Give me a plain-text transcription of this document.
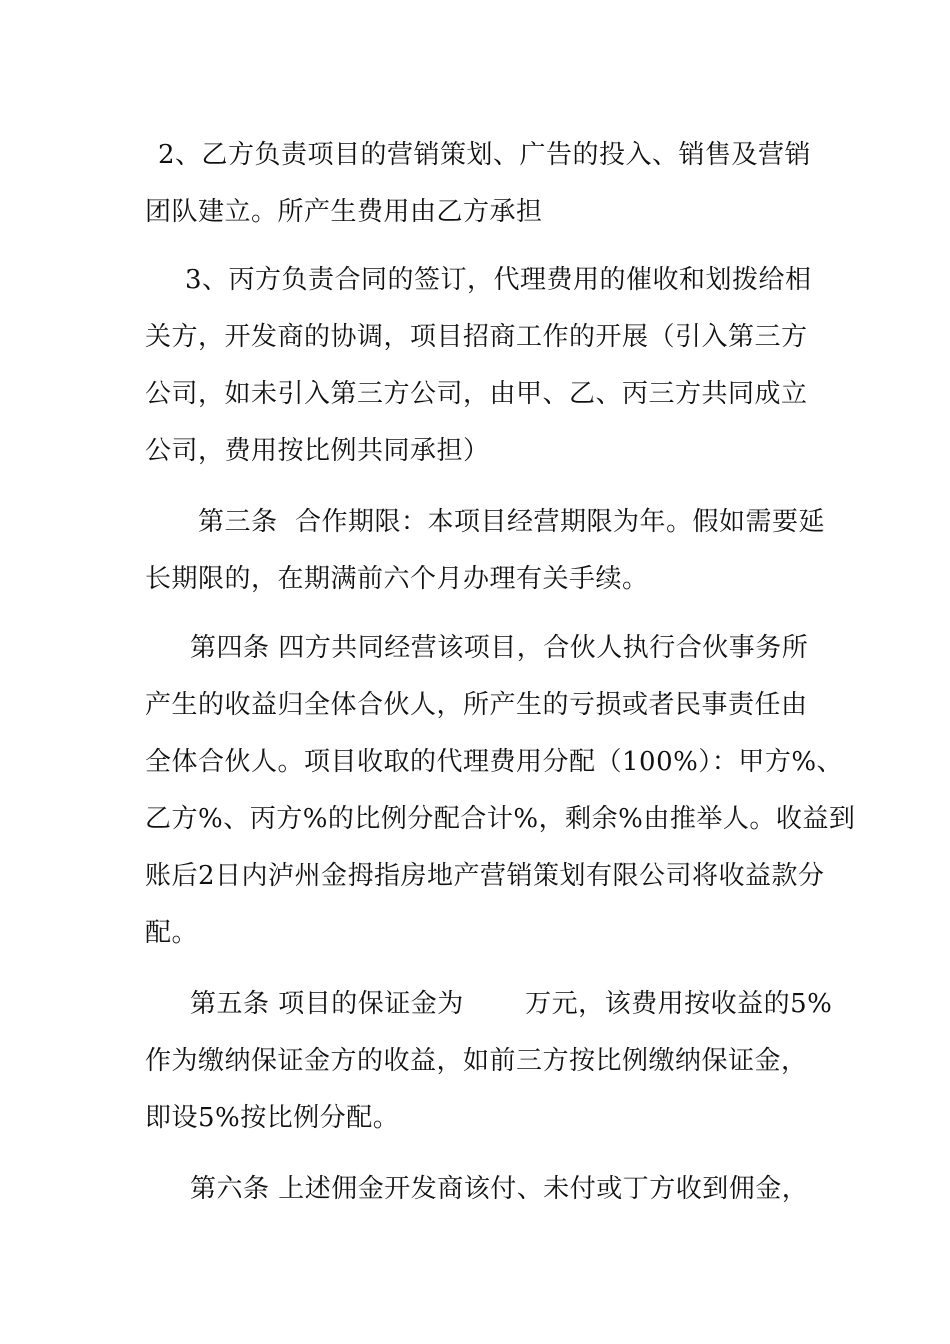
2、乙方负责项目的营销策划、广告的投入、销售及营销
团队建立。所产生费用由乙方承担
3、丙方负责合同的签订，代理费用的催收和划拨给相
关方，开发商的协调，项目招商工作的开展（引入第三方
公司，如未引入第三方公司，由甲、乙、丙三方共同成立
公司，费用按比例共同承担）
第三条  合作期限：本项目经营期限为年。假如需要延
长期限的，在期满前六个月办理有关手续。
第四条 四方共同经营该项目，合伙人执行合伙事务所
产生的收益归全体合伙人，所产生的亏损或者民事责任由
全体合伙人。项目收取的代理费用分配（100%）：甲方%、
乙方%、丙方%的比例分配合计%，剩余%由推举人。收益到
账后2日内泸州金拇指房地产营销策划有限公司将收益款分
配。
第五条 项目的保证金为       万元，该费用按收益的5%
作为缴纳保证金方的收益，如前三方按比例缴纳保证金，
即设5%按比例分配。
第六条 上述佣金开发商该付、未付或丁方收到佣金，
